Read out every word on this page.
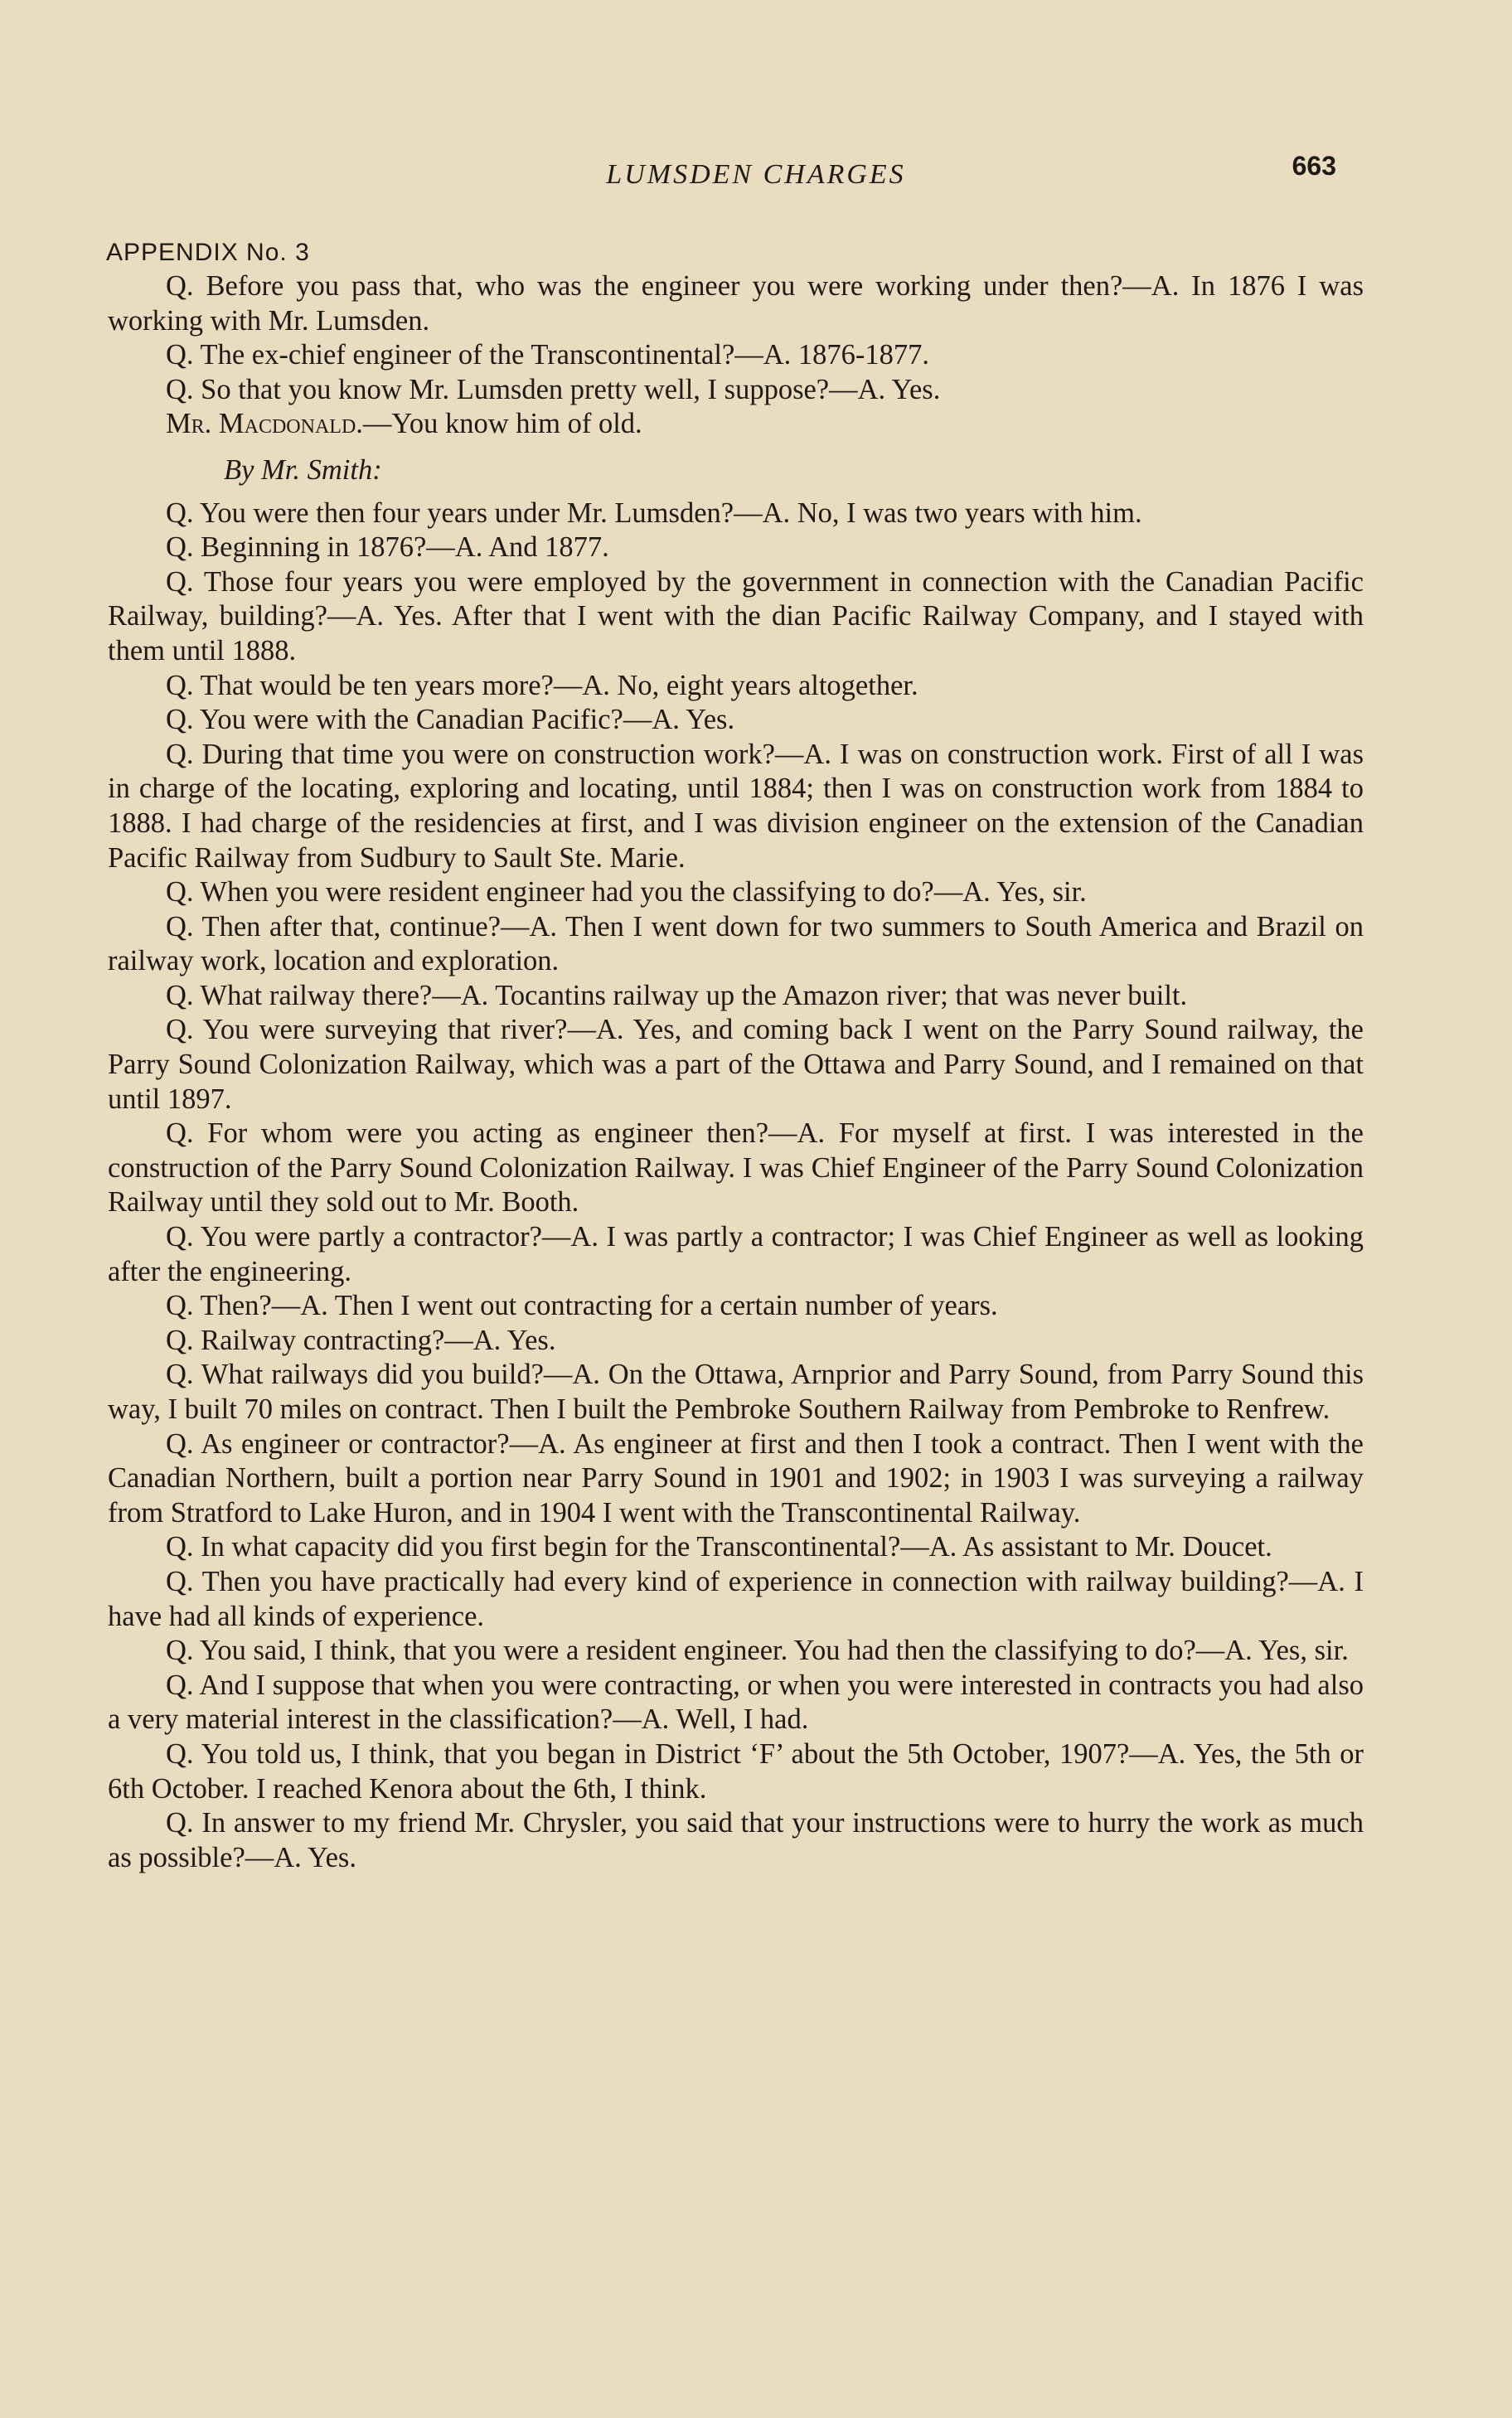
LUMSDEN CHARGES	663
APPENDIX No. 3

Q. Before you pass that, who was the engineer you were working under then?—A. In 1876 I was working with Mr. Lumsden.

Q. The ex-chief engineer of the Transcontinental?—A. 1876-1877.

Q. So that you know Mr. Lumsden pretty well, I suppose?—A. Yes.

Mr. Macdonald.—You know him of old.

By Mr. Smith:

Q. You were then four years under Mr. Lumsden?—A. No, I was two years with him.

Q. Beginning in 1876?—A. And 1877.

Q. Those four years you were employed by the government in connection with the Canadian Pacific Railway, building?—A. Yes. After that I went with the dian Pacific Railway Company, and I stayed with them until 1888.

Q. That would be ten years more?—A. No, eight years altogether.

Q. You were with the Canadian Pacific?—A. Yes.

Q. During that time you were on construction work?—A. I was on construction work. First of all I was in charge of the locating, exploring and locating, until 1884; then I was on construction work from 1884 to 1888. I had charge of the residencies at first, and I was division engineer on the extension of the Canadian Pacific Railway from Sudbury to Sault Ste. Marie.

Q. When you were resident engineer had you the classifying to do?—A. Yes, sir.

Q. Then after that, continue?—A. Then I went down for two summers to South America and Brazil on railway work, location and exploration.

Q. What railway there?—A. Tocantins railway up the Amazon river; that was never built.

Q. You were surveying that river?—A. Yes, and coming back I went on the Parry Sound railway, the Parry Sound Colonization Railway, which was a part of the Ottawa and Parry Sound, and I remained on that until 1897.

Q. For whom were you acting as engineer then?—A. For myself at first. I was interested in the construction of the Parry Sound Colonization Railway. I was Chief Engineer of the Parry Sound Colonization Railway until they sold out to Mr. Booth.

Q. You were partly a contractor?—A. I was partly a contractor; I was Chief Engineer as well as looking after the engineering.

Q. Then?—A. Then I went out contracting for a certain number of years.

Q. Railway contracting?—A. Yes.

Q. What railways did you build?—A. On the Ottawa, Arnprior and Parry Sound, from Parry Sound this way, I built 70 miles on contract. Then I built the Pembroke Southern Railway from Pembroke to Renfrew.

Q. As engineer or contractor?—A. As engineer at first and then I took a contract. Then I went with the Canadian Northern, built a portion near Parry Sound in 1901 and 1902; in 1903 I was surveying a railway from Stratford to Lake Huron, and in 1904 I went with the Transcontinental Railway.

Q. In what capacity did you first begin for the Transcontinental?—A. As assistant to Mr. Doucet.

Q. Then you have practically had every kind of experience in connection with railway building?—A. I have had all kinds of experience.

Q. You said, I think, that you were a resident engineer. You had then the classifying to do?—A. Yes, sir.

Q. And I suppose that when you were contracting, or when you were interested in contracts you had also a very material interest in the classification?—A. Well, I had.

Q. You told us, I think, that you began in District ‘F’ about the 5th October, 1907?—A. Yes, the 5th or 6th October. I reached Kenora about the 6th, I think.

Q. In answer to my friend Mr. Chrysler, you said that your instructions were to hurry the work as much as possible?—A. Yes.
